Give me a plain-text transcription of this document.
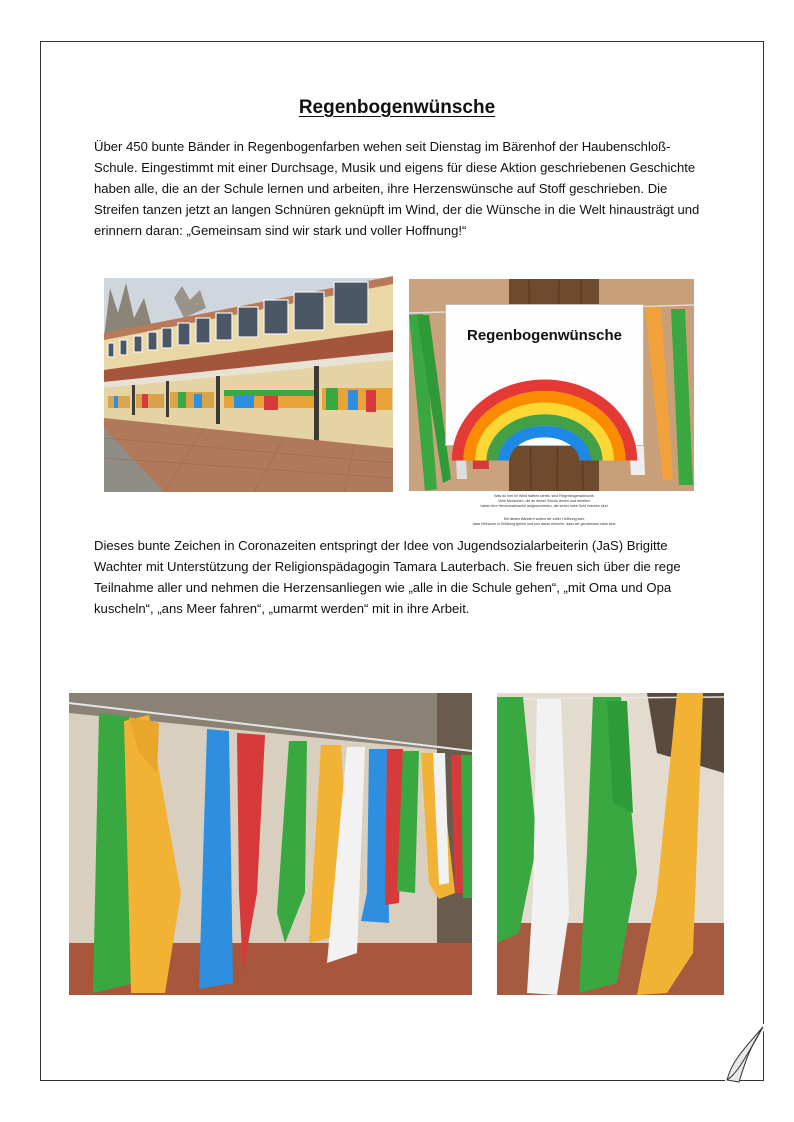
Regenbogenwünsche

Über 450 bunte Bänder in Regenbogenfarben wehen seit Dienstag im Bärenhof der Haubenschloß-Schule. Eingestimmt mit einer Durchsage, Musik und eigens für diese Aktion geschriebenen Geschichte haben alle, die an der Schule lernen und arbeiten, ihre Herzenswünsche auf Stoff geschrieben. Die Streifen tanzen jetzt an langen Schnüren geknüpft im Wind, der die Wünsche in die Welt hinausträgt und erinnern daran: „Gemeinsam sind wir stark und voller Hoffnung!“

Regenbogenwünsche
Was du hier im Wind flattern siehst, sind Regenbogenwünsche.
Viele Menschen, die an dieser Schule lernen und arbeiten,
haben ihre Herzenswünsche aufgeschrieben, die sicher nicht Geld machen sind.
Mit diesen Bändern wollen wir voller Hoffnung sein,
dass Wünsche in Erfüllung gehen und uns daran erinnern, dass wir gemeinsam stark sind.

Dieses bunte Zeichen in Coronazeiten entspringt der Idee von Jugendsozialarbeiterin (JaS) Brigitte Wachter mit Unterstützung der Religionspädagogin Tamara Lauterbach. Sie freuen sich über die rege Teilnahme aller und nehmen die Herzensanliegen wie „alle in die Schule gehen“, „mit Oma und Opa kuscheln“, „ans Meer fahren“, „umarmt werden“ mit in ihre Arbeit.
